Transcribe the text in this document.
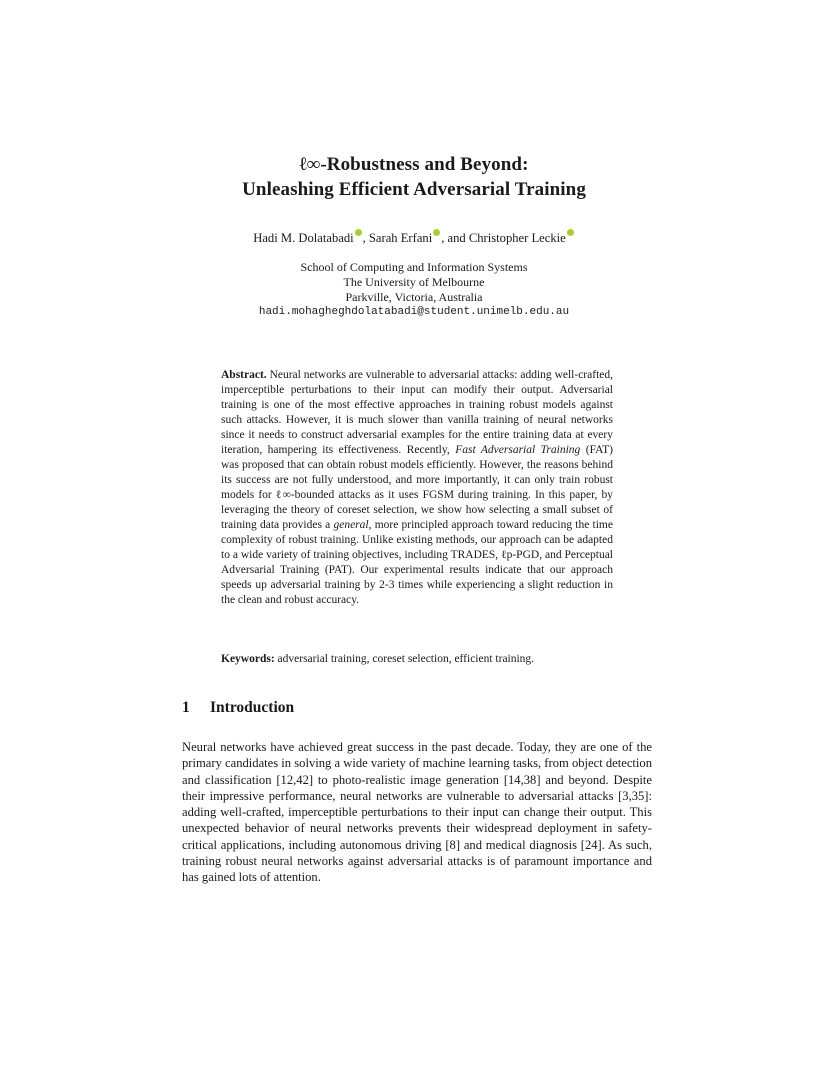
ℓ∞-Robustness and Beyond:
Unleashing Efficient Adversarial Training
Hadi M. Dolatabadi , Sarah Erfani , and Christopher Leckie
School of Computing and Information Systems
The University of Melbourne
Parkville, Victoria, Australia
hadi.mohagheghdolatabadi@student.unimelb.edu.au
Abstract. Neural networks are vulnerable to adversarial attacks: adding well-crafted, imperceptible perturbations to their input can modify their output. Adversarial training is one of the most effective approaches in training robust models against such attacks. However, it is much slower than vanilla training of neural networks since it needs to construct adversarial examples for the entire training data at every iteration, hampering its effectiveness. Recently, Fast Adversarial Training (FAT) was proposed that can obtain robust models efficiently. However, the reasons behind its success are not fully understood, and more importantly, it can only train robust models for ℓ∞-bounded attacks as it uses FGSM during training. In this paper, by leveraging the theory of coreset selection, we show how selecting a small subset of training data provides a general, more principled approach toward reducing the time complexity of robust training. Unlike existing methods, our approach can be adapted to a wide variety of training objectives, including TRADES, ℓp-PGD, and Perceptual Adversarial Training (PAT). Our experimental results indicate that our approach speeds up adversarial training by 2-3 times while experiencing a slight reduction in the clean and robust accuracy.
Keywords: adversarial training, coreset selection, efficient training.
1 Introduction
Neural networks have achieved great success in the past decade. Today, they are one of the primary candidates in solving a wide variety of machine learning tasks, from object detection and classification [12,42] to photo-realistic image generation [14,38] and beyond. Despite their impressive performance, neural networks are vulnerable to adversarial attacks [3,35]: adding well-crafted, imperceptible perturbations to their input can change their output. This unexpected behavior of neural networks prevents their widespread deployment in safety-critical applications, including autonomous driving [8] and medical diagnosis [24]. As such, training robust neural networks against adversarial attacks is of paramount importance and has gained lots of attention.
